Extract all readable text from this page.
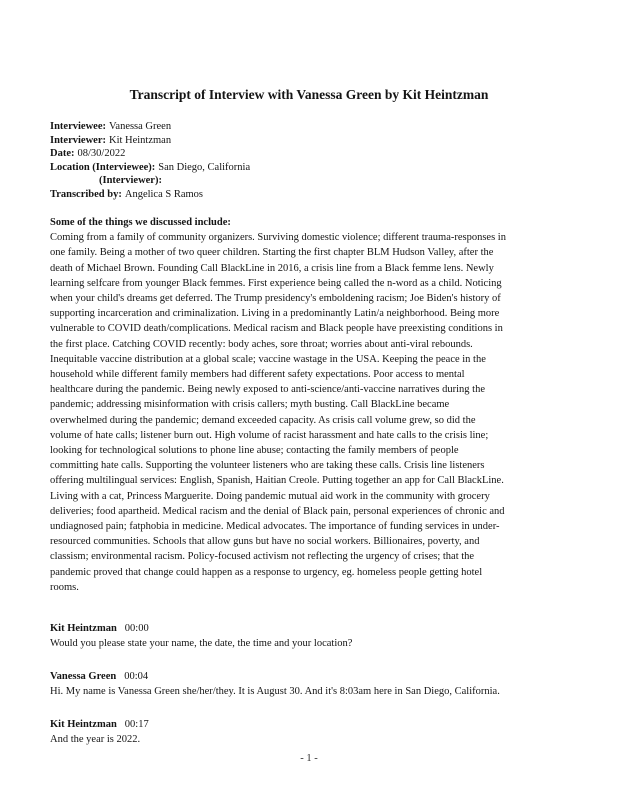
Transcript of Interview with Vanessa Green by Kit Heintzman
Interviewee: Vanessa Green
Interviewer: Kit Heintzman
Date: 08/30/2022
Location (Interviewee): San Diego, California
(Interviewer):
Transcribed by: Angelica S Ramos
Some of the things we discussed include:
Coming from a family of community organizers. Surviving domestic violence; different trauma-responses in
one family. Being a mother of two queer children. Starting the first chapter BLM Hudson Valley, after the
death of Michael Brown. Founding Call BlackLine in 2016, a crisis line from a Black femme lens. Newly
learning selfcare from younger Black femmes. First experience being called the n-word as a child. Noticing
when your child's dreams get deferred. The Trump presidency's emboldening racism; Joe Biden's history of
supporting incarceration and criminalization. Living in a predominantly Latin/a neighborhood. Being more
vulnerable to COVID death/complications. Medical racism and Black people have preexisting conditions in
the first place. Catching COVID recently: body aches, sore throat; worries about anti-viral rebounds.
Inequitable vaccine distribution at a global scale; vaccine wastage in the USA. Keeping the peace in the
household while different family members had different safety expectations. Poor access to mental
healthcare during the pandemic. Being newly exposed to anti-science/anti-vaccine narratives during the
pandemic; addressing misinformation with crisis callers; myth busting. Call BlackLine became
overwhelmed during the pandemic; demand exceeded capacity. As crisis call volume grew, so did the
volume of hate calls; listener burn out. High volume of racist harassment and hate calls to the crisis line;
looking for technological solutions to phone line abuse; contacting the family members of people
committing hate calls. Supporting the volunteer listeners who are taking these calls. Crisis line listeners
offering multilingual services: English, Spanish, Haitian Creole. Putting together an app for Call BlackLine.
Living with a cat, Princess Marguerite. Doing pandemic mutual aid work in the community with grocery
deliveries; food apartheid. Medical racism and the denial of Black pain, personal experiences of chronic and
undiagnosed pain; fatphobia in medicine. Medical advocates. The importance of funding services in under-
resourced communities. Schools that allow guns but have no social workers. Billionaires, poverty, and
classism; environmental racism. Policy-focused activism not reflecting the urgency of crises; that the
pandemic proved that change could happen as a response to urgency, eg. homeless people getting hotel
rooms.
Kit Heintzman 00:00
Would you please state your name, the date, the time and your location?
Vanessa Green 00:04
Hi. My name is Vanessa Green she/her/they. It is August 30. And it's 8:03am here in San Diego, California.
Kit Heintzman 00:17
And the year is 2022.
- 1 -
